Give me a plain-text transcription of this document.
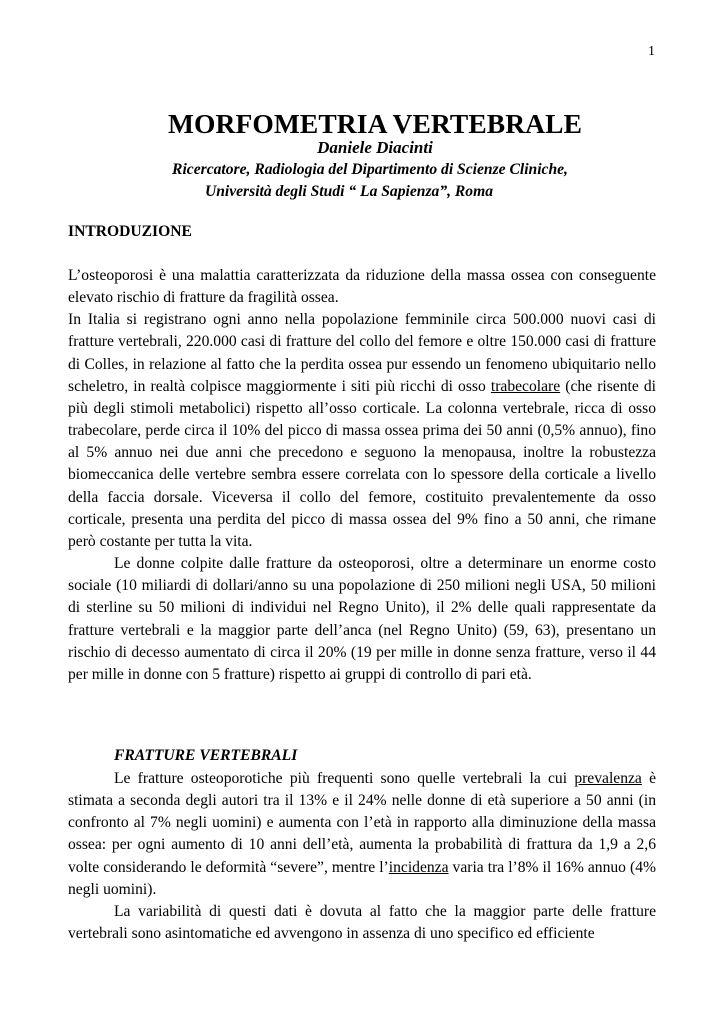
1
MORFOMETRIA VERTEBRALE
Daniele Diacinti
Ricercatore, Radiologia del Dipartimento di Scienze Cliniche,
Università degli Studi “ La Sapienza”, Roma
INTRODUZIONE

L’osteoporosi è una malattia caratterizzata da riduzione della massa ossea con conseguente elevato rischio di fratture da fragilità ossea.

In Italia si registrano ogni anno nella popolazione femminile circa 500.000 nuovi casi di fratture vertebrali, 220.000 casi di fratture del collo del femore e oltre 150.000 casi di fratture di Colles, in relazione al fatto che la perdita ossea pur essendo un fenomeno ubiquitario nello scheletro, in realtà colpisce maggiormente i siti più ricchi di osso trabecolare (che risente di più degli stimoli metabolici) rispetto all’osso corticale. La colonna vertebrale, ricca di osso trabecolare, perde circa il 10% del picco di massa ossea prima dei 50 anni (0,5% annuo), fino al 5% annuo nei due anni che precedono e seguono la menopausa, inoltre la robustezza biomeccanica delle vertebre sembra essere correlata con lo spessore della corticale a livello della faccia dorsale. Viceversa il collo del femore, costituito prevalentemente da osso corticale, presenta una perdita del picco di massa ossea del 9% fino a 50 anni, che rimane però costante per tutta la vita.

Le donne colpite dalle fratture da osteoporosi, oltre a determinare un enorme costo sociale (10 miliardi di dollari/anno su una popolazione di 250 milioni negli USA, 50 milioni di sterline su 50 milioni di individui nel Regno Unito), il 2% delle quali rappresentate da fratture vertebrali e la maggior parte dell’anca (nel Regno Unito) (59, 63), presentano un rischio di decesso aumentato di circa il 20% (19 per mille in donne senza fratture, verso il 44 per mille in donne con 5 fratture) rispetto ai gruppi di controllo di pari età.

FRATTURE VERTEBRALI

Le fratture osteoporotiche più frequenti sono quelle vertebrali la cui prevalenza è stimata a seconda degli autori tra il 13% e il 24% nelle donne di età superiore a 50 anni (in confronto al 7% negli uomini) e aumenta con l’età in rapporto alla diminuzione della massa ossea: per ogni aumento di 10 anni dell’età, aumenta la probabilità di frattura da 1,9 a 2,6 volte considerando le deformità “severe”, mentre l’incidenza varia tra l’8% il 16% annuo (4% negli uomini).

La variabilità di questi dati è dovuta al fatto che la maggior parte delle fratture vertebrali sono asintomatiche ed avvengono in assenza di uno specifico ed efficiente
